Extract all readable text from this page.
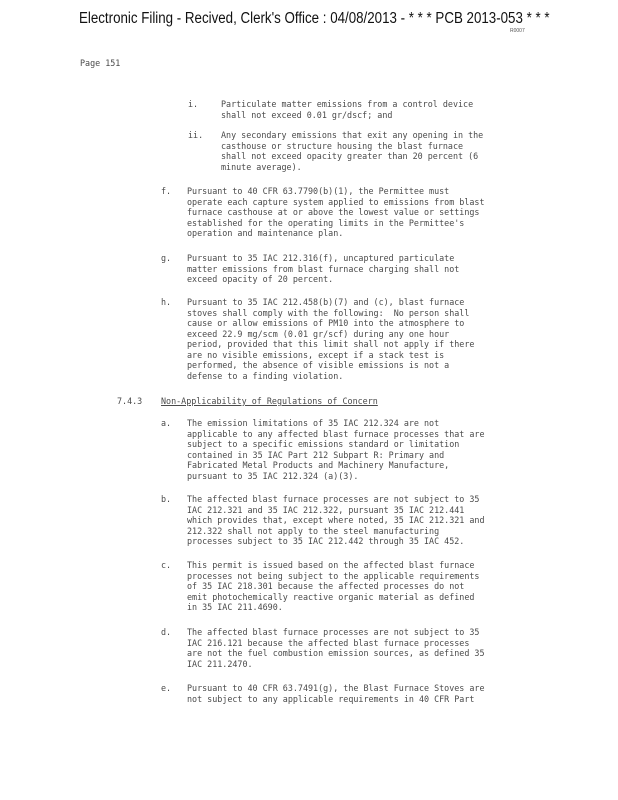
Electronic Filing - Recived, Clerk's Office : 04/08/2013 - * * * PCB 2013-053 * * *
R0007
Page 151
i.	Particulate matter emissions from a control device
shall not exceed 0.01 gr/dscf; and
ii. Any secondary emissions that exit any opening in the
casthouse or structure housing the blast furnace
shall not exceed opacity greater than 20 percent (6
minute average).
f. Pursuant to 40 CFR 63.7790(b)(1), the Permittee must
operate each capture system applied to emissions from blast
furnace casthouse at or above the lowest value or settings
established for the operating limits in the Permittee's
operation and maintenance plan.
g. Pursuant to 35 IAC 212.316(f), uncaptured particulate
matter emissions from blast furnace charging shall not
exceed opacity of 20 percent.
h. Pursuant to 35 IAC 212.458(b)(7) and (c), blast furnace
stoves shall comply with the following:  No person shall
cause or allow emissions of PM10 into the atmosphere to
exceed 22.9 mg/scm (0.01 gr/scf) during any one hour
period, provided that this limit shall not apply if there
are no visible emissions, except if a stack test is
performed, the absence of visible emissions is not a
defense to a finding violation.
7.4.3 Non-Applicability of Regulations of Concern
a. The emission limitations of 35 IAC 212.324 are not
applicable to any affected blast furnace processes that are
subject to a specific emissions standard or limitation
contained in 35 IAC Part 212 Subpart R: Primary and
Fabricated Metal Products and Machinery Manufacture,
pursuant to 35 IAC 212.324 (a)(3).
b. The affected blast furnace processes are not subject to 35
IAC 212.321 and 35 IAC 212.322, pursuant 35 IAC 212.441
which provides that, except where noted, 35 IAC 212.321 and
212.322 shall not apply to the steel manufacturing
processes subject to 35 IAC 212.442 through 35 IAC 452.
c. This permit is issued based on the affected blast furnace
processes not being subject to the applicable requirements
of 35 IAC 218.301 because the affected processes do not
emit photochemically reactive organic material as defined
in 35 IAC 211.4690.
d. The affected blast furnace processes are not subject to 35
IAC 216.121 because the affected blast furnace processes
are not the fuel combustion emission sources, as defined 35
IAC 211.2470.
e. Pursuant to 40 CFR 63.7491(g), the Blast Furnace Stoves are
not subject to any applicable requirements in 40 CFR Part
